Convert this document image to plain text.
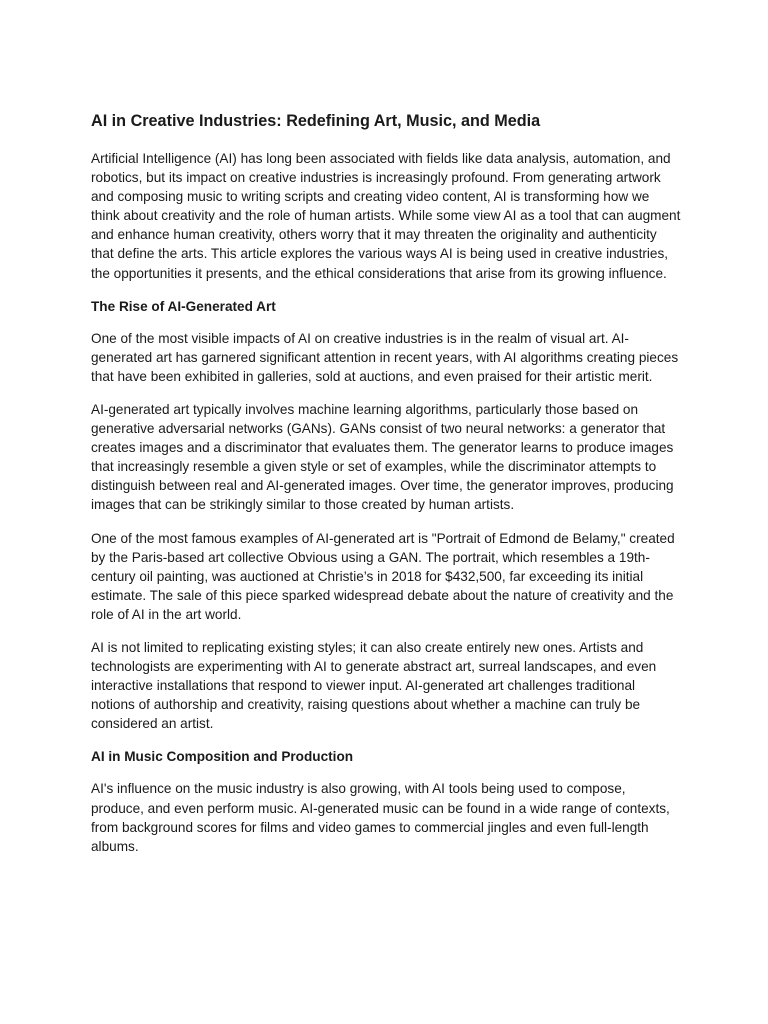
AI in Creative Industries: Redefining Art, Music, and Media

Artificial Intelligence (AI) has long been associated with fields like data analysis, automation, and robotics, but its impact on creative industries is increasingly profound. From generating artwork and composing music to writing scripts and creating video content, AI is transforming how we think about creativity and the role of human artists. While some view AI as a tool that can augment and enhance human creativity, others worry that it may threaten the originality and authenticity that define the arts. This article explores the various ways AI is being used in creative industries, the opportunities it presents, and the ethical considerations that arise from its growing influence.

The Rise of AI-Generated Art

One of the most visible impacts of AI on creative industries is in the realm of visual art. AI-generated art has garnered significant attention in recent years, with AI algorithms creating pieces that have been exhibited in galleries, sold at auctions, and even praised for their artistic merit.

AI-generated art typically involves machine learning algorithms, particularly those based on generative adversarial networks (GANs). GANs consist of two neural networks: a generator that creates images and a discriminator that evaluates them. The generator learns to produce images that increasingly resemble a given style or set of examples, while the discriminator attempts to distinguish between real and AI-generated images. Over time, the generator improves, producing images that can be strikingly similar to those created by human artists.

One of the most famous examples of AI-generated art is "Portrait of Edmond de Belamy," created by the Paris-based art collective Obvious using a GAN. The portrait, which resembles a 19th-century oil painting, was auctioned at Christie’s in 2018 for $432,500, far exceeding its initial estimate. The sale of this piece sparked widespread debate about the nature of creativity and the role of AI in the art world.

AI is not limited to replicating existing styles; it can also create entirely new ones. Artists and technologists are experimenting with AI to generate abstract art, surreal landscapes, and even interactive installations that respond to viewer input. AI-generated art challenges traditional notions of authorship and creativity, raising questions about whether a machine can truly be considered an artist.

AI in Music Composition and Production

AI's influence on the music industry is also growing, with AI tools being used to compose, produce, and even perform music. AI-generated music can be found in a wide range of contexts, from background scores for films and video games to commercial jingles and even full-length albums.
